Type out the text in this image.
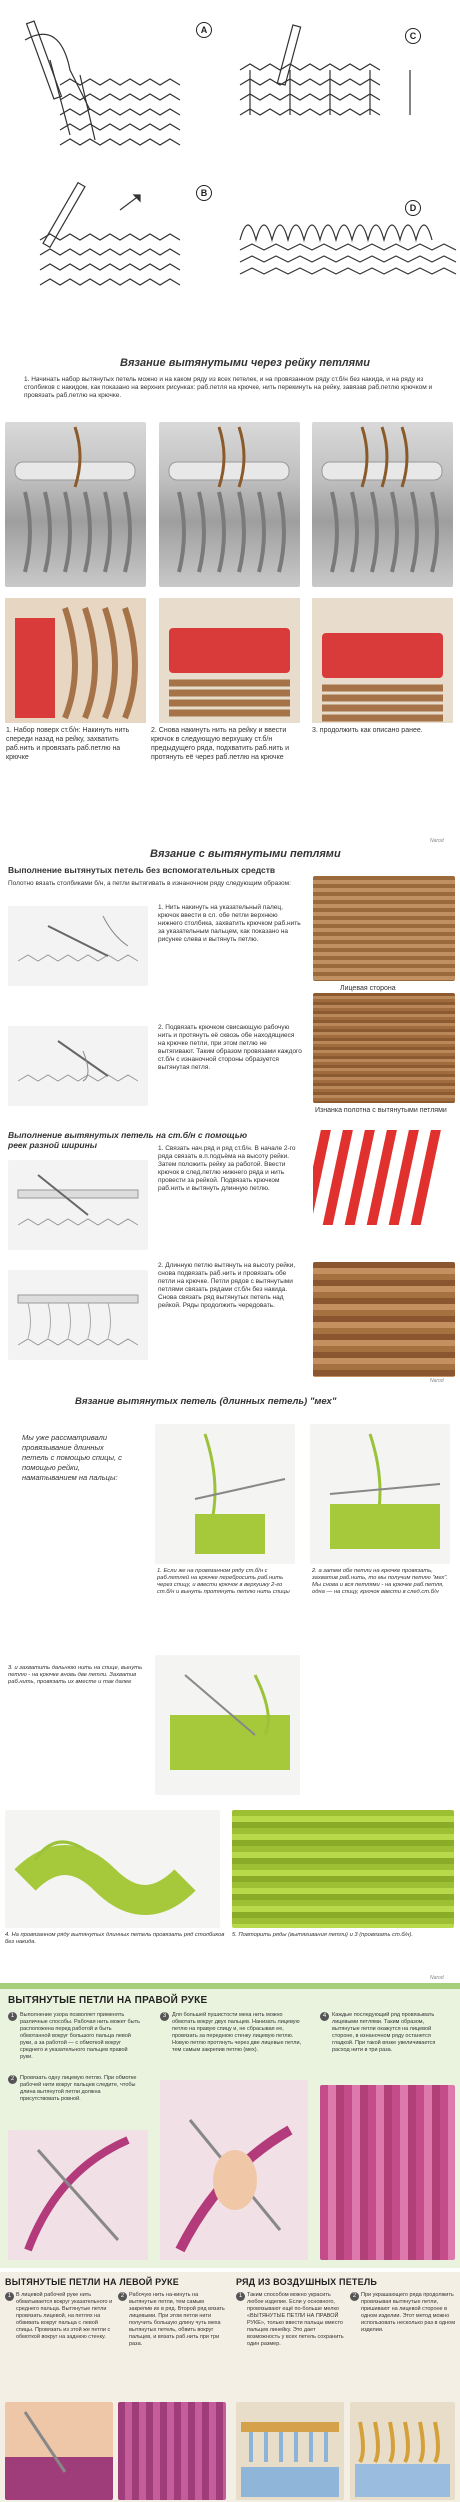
A
C
B
D
Вязание вытянутыми через рейку петлями
1. Начинать набор вытянутых петель можно и на каком ряду из всех петелек, и на провязанном ряду ст.б/н без накида, и на ряду из столбиков с накидом, как показано на верхних рисунках: раб.петля на крючке, нить перекинуть на рейку, завязав раб.петлю крючком и провязать раб.петлю на крючке.
1. Набор поверх ст.б/н: Накинуть нить спереди назад на рейку, захватить раб.нить и провязать раб.петлю на крючке
2. Снова накинуть нить на рейку и ввести крючок в следующую верхушку ст.б/н предыдущего ряда, подхватить раб.нить и протянуть её через раб.петлю на крючке
3. продолжить как описано ранее.
Narod
Вязание с вытянутыми петлями
Выполнение вытянутых петель без вспомогательных средств
Полотно вязать столбиками б/н, а петли вытягивать в изнаночном ряду следующим образом:
1. Нить накинуть на указательный палец, крючок ввести в сл. обе петли верхнюю нижнего столбика, захватить крючком раб.нить за указательным пальцем, как показано на рисунке слева и вытянуть петлю.
Лицевая сторона
2. Подвязать крючком свисающую рабочую нить и протянуть её сквозь обе находящиеся на крючке петли, при этом петлю не вытягивают. Таким образом провязами каждого ст.б/н с изнаночной стороны образуется вытянутая петля.
Изнанка полотна с вытянутыми петлями
Выполнение вытянутых петель на ст.б/н с помощью реек разной ширины	1. Связать нач.ряд и ряд ст.б/н. В начале 2-го ряда связать в.п.подъёма на высоту рейки. Затем положить рейку за работой. Ввести крючок в след.петлю нижнего ряда и нить провести за рейкой. Подвязать крючком раб.нить и вытянуть длинную петлю.
2. Длинную петлю вытянуть на высоту рейки, снова подвязать раб.нить и провязать обе петли на крючке. Петли рядов с вытянутыми петлями связать рядами ст.б/н без накида. Снова связать ряд вытянутых петель над рейкой. Ряды продолжить чередовать.
Narod
Вязание вытянутых петель (длинных петель) "мех"
Мы уже рассматривали провязывание длинных петель с помощью спицы, с помощью рейки, наматыванием на пальцы:
1. Если же на провязанном ряду ст.б/н с раб.петлей на крючке перебросить раб.нить через спицу, и ввести крючок в верхушку 2-го ст.б/н и вынуть протянуть петлю нить спицы
2. а затем обе петли на крючке провязать, захватив раб.нить, то мы получим петлю "мех". Мы снова и вся петлями - на крючке раб.петля, одна — на спицу, крючок ввести в след.ст.б/н
3. и захватить дальнюю нить на спице, вынуть петлю - на крючке вновь две петли. Захватив раб.нить, провязать их вместе и так далее
4. На провязанном ряду вытянутых длинных петель провязать ряд столбиков без накида.
5. Повторить ряды (вытягивания петли) и 3 (провязать ст.б/н).
Narod
ВЫТЯНУТЫЕ ПЕТЛИ НА ПРАВОЙ РУКЕ
1	Выполнение узора позволяет применять различные способы. Рабочая нить может быть расположена перед работой и быть обмотанной вокруг большого пальца левой руки, а за работой — с обмоткой вокруг среднего и указательного пальцев правой руки.
2	Провязать одну лицевую петлю. При обмотке рабочей нити вокруг пальцев следите, чтобы длина вытянутой петли должна присутствовать ровной.
3	Для большей пушистости меха нить можно обмотать вокруг двух пальцев. Нанизать лицевую петлю на правую спицу и, не сбрасывая ее, провязать за переднюю стенку лицевую петлю. Новую петлю протянуть через две лицевые петли, тем самым закрепив петлю (мех).
4	Каждые последующий ряд провязывать лицевыми петлями. Таким образом, вытянутые петли окажутся на лицевой стороне, в изнаночном ряду останется гладкой. При такой вязке увеличивается расход нити в три раза.
ВЫТЯНУТЫЕ ПЕТЛИ НА ЛЕВОЙ РУКЕ	РЯД ИЗ ВОЗДУШНЫХ ПЕТЕЛЬ
1 В лицевой рабочей руке нить обматывается вокруг указательного и среднего пальца. Вытянутые петли провязать лицевой, на петлях на обвивать вокруг пальца с левой спицы. Провязать из этой же петли с обмоткой вокруг на заднюю стенку.
2 Рабочую нить на-кинуть на вытянутые петли, тем самым закрепив их в ряд. Второй ряд вязать лицевыми. При этом петли нити получить большую длину чуть меха вытянутых петель, обвить вокруг пальцев, и вязать раб.нить при три раза.
1 Таким способом можно украсить любое изделие. Если у основного, провязывают ещё по-больше мелко «ВЫТЯНУТЫЕ ПЕТЛИ НА ПРАВОЙ РУКЕ», только ввести пальцы вместо пальцев линейку. Это дает возможность у всех петель сохранить один размер.
2 При украшающего ряда продолжить провязывая вытянутые петли, пришивают на лицевой стороне в одном изделии. Этот метод можно использовать несколько раз в одном изделии.
